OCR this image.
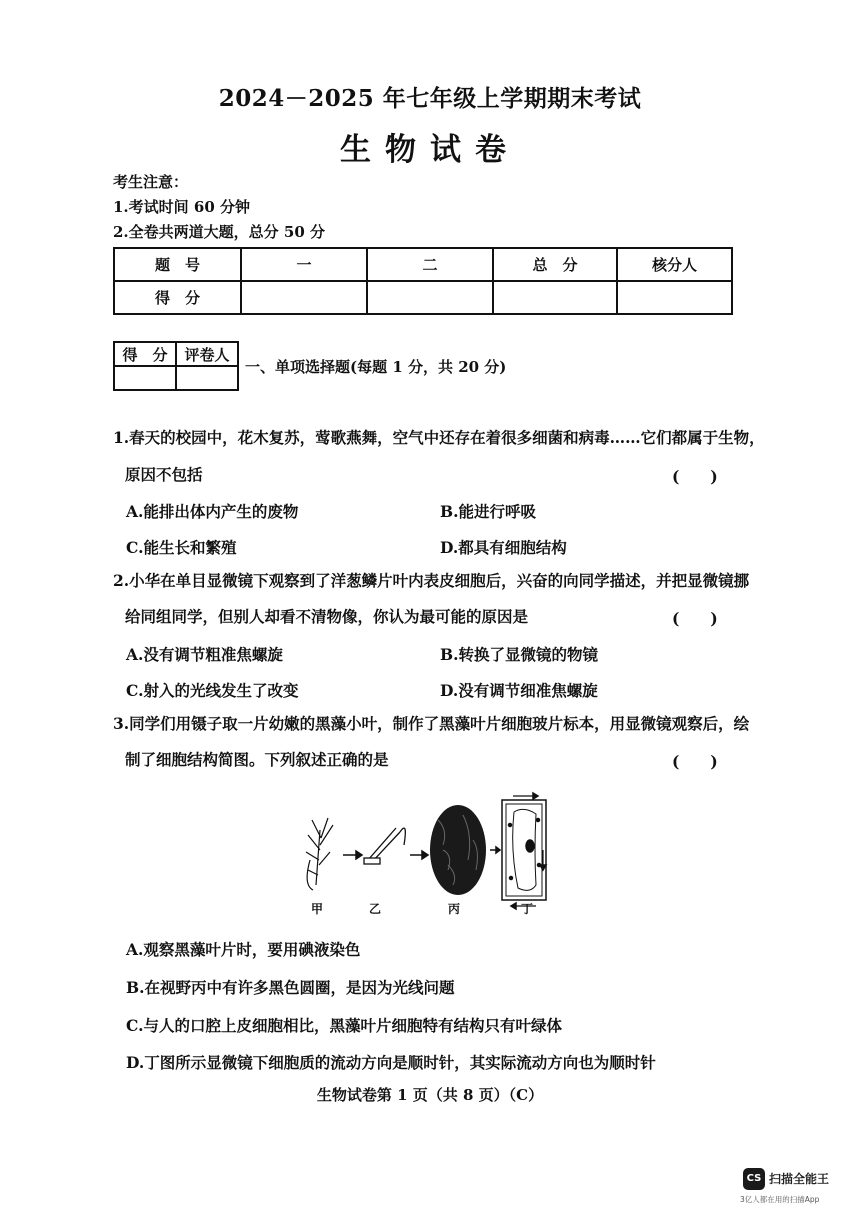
2024－2025 年七年级上学期期末考试
生物试卷
考生注意：
1.考试时间 60 分钟
2.全卷共两道大题，总分 50 分
题　号	一	二	总　分	核分人
得　分				
得　分	评卷人

一、单项选择题(每题 1 分，共 20 分)
1.春天的校园中，花木复苏，莺歌燕舞，空气中还存在着很多细菌和病毒……它们都属于生物，
原因不包括	(　　)
A.能排出体内产生的废物	B.能进行呼吸
C.能生长和繁殖	D.都具有细胞结构
2.小华在单目显微镜下观察到了洋葱鳞片叶内表皮细胞后，兴奋的向同学描述，并把显微镜挪
给同组同学，但别人却看不清物像，你认为最可能的原因是	(　　)
A.没有调节粗准焦螺旋	B.转换了显微镜的物镜
C.射入的光线发生了改变	D.没有调节细准焦螺旋
3.同学们用镊子取一片幼嫩的黑藻小叶，制作了黑藻叶片细胞玻片标本，用显微镜观察后，绘
制了细胞结构简图。下列叙述正确的是	(　　)
甲	乙	丙	丁
A.观察黑藻叶片时，要用碘液染色
B.在视野丙中有许多黑色圆圈，是因为光线问题
C.与人的口腔上皮细胞相比，黑藻叶片细胞特有结构只有叶绿体
D.丁图所示显微镜下细胞质的流动方向是顺时针，其实际流动方向也为顺时针
生物试卷第 1 页（共 8 页）（C）
CS 扫描全能王
3亿人都在用的扫描App
